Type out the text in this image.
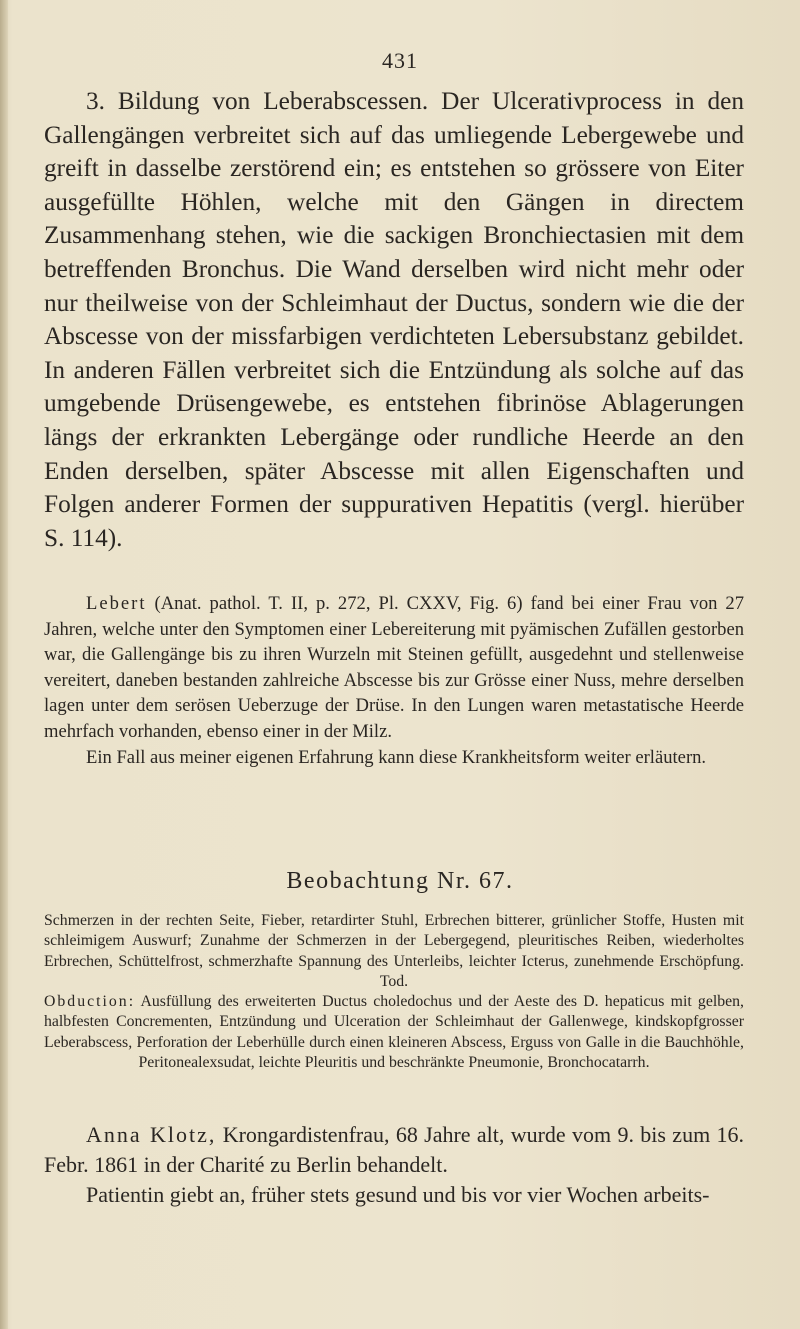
431

3. Bildung von Leberabscessen. Der Ulcerativprocess in den Gallengängen verbreitet sich auf das umliegende Lebergewebe und greift in dasselbe zerstörend ein; es entstehen so grössere von Eiter ausgefüllte Höhlen, welche mit den Gängen in directem Zusammenhang stehen, wie die sackigen Bronchiectasien mit dem betreffenden Bronchus. Die Wand derselben wird nicht mehr oder nur theilweise von der Schleimhaut der Ductus, sondern wie die der Abscesse von der missfarbigen verdichteten Lebersubstanz gebildet. In anderen Fällen verbreitet sich die Entzündung als solche auf das umgebende Drüsengewebe, es entstehen fibrinöse Ablagerungen längs der erkrankten Lebergänge oder rundliche Heerde an den Enden derselben, später Abscesse mit allen Eigenschaften und Folgen anderer Formen der suppurativen Hepatitis (vergl. hierüber S. 114).

Lebert (Anat. pathol. T. II, p. 272, Pl. CXXV, Fig. 6) fand bei einer Frau von 27 Jahren, welche unter den Symptomen einer Lebereiterung mit pyämischen Zufällen gestorben war, die Gallengänge bis zu ihren Wurzeln mit Steinen gefüllt, ausgedehnt und stellenweise vereitert, daneben bestanden zahlreiche Abscesse bis zur Grösse einer Nuss, mehre derselben lagen unter dem serösen Ueberzuge der Drüse. In den Lungen waren metastatische Heerde mehrfach vorhanden, ebenso einer in der Milz.

Ein Fall aus meiner eigenen Erfahrung kann diese Krankheitsform weiter erläutern.

Beobachtung Nr. 67.

Schmerzen in der rechten Seite, Fieber, retardirter Stuhl, Erbrechen bitterer, grünlicher Stoffe, Husten mit schleimigem Auswurf; Zunahme der Schmerzen in der Lebergegend, pleuritisches Reiben, wiederholtes Erbrechen, Schüttelfrost, schmerzhafte Spannung des Unterleibs, leichter Icterus, zunehmende Erschöpfung. Tod.

Obduction: Ausfüllung des erweiterten Ductus choledochus und der Aeste des D. hepaticus mit gelben, halbfesten Concrementen, Entzündung und Ulceration der Schleimhaut der Gallenwege, kindskopfgrosser Leberabscess, Perforation der Leberhülle durch einen kleineren Abscess, Erguss von Galle in die Bauchhöhle, Peritonealexsudat, leichte Pleuritis und beschränkte Pneumonie, Bronchocatarrh.

Anna Klotz, Krongardistenfrau, 68 Jahre alt, wurde vom 9. bis zum 16. Febr. 1861 in der Charité zu Berlin behandelt.

Patientin giebt an, früher stets gesund und bis vor vier Wochen arbeits-
